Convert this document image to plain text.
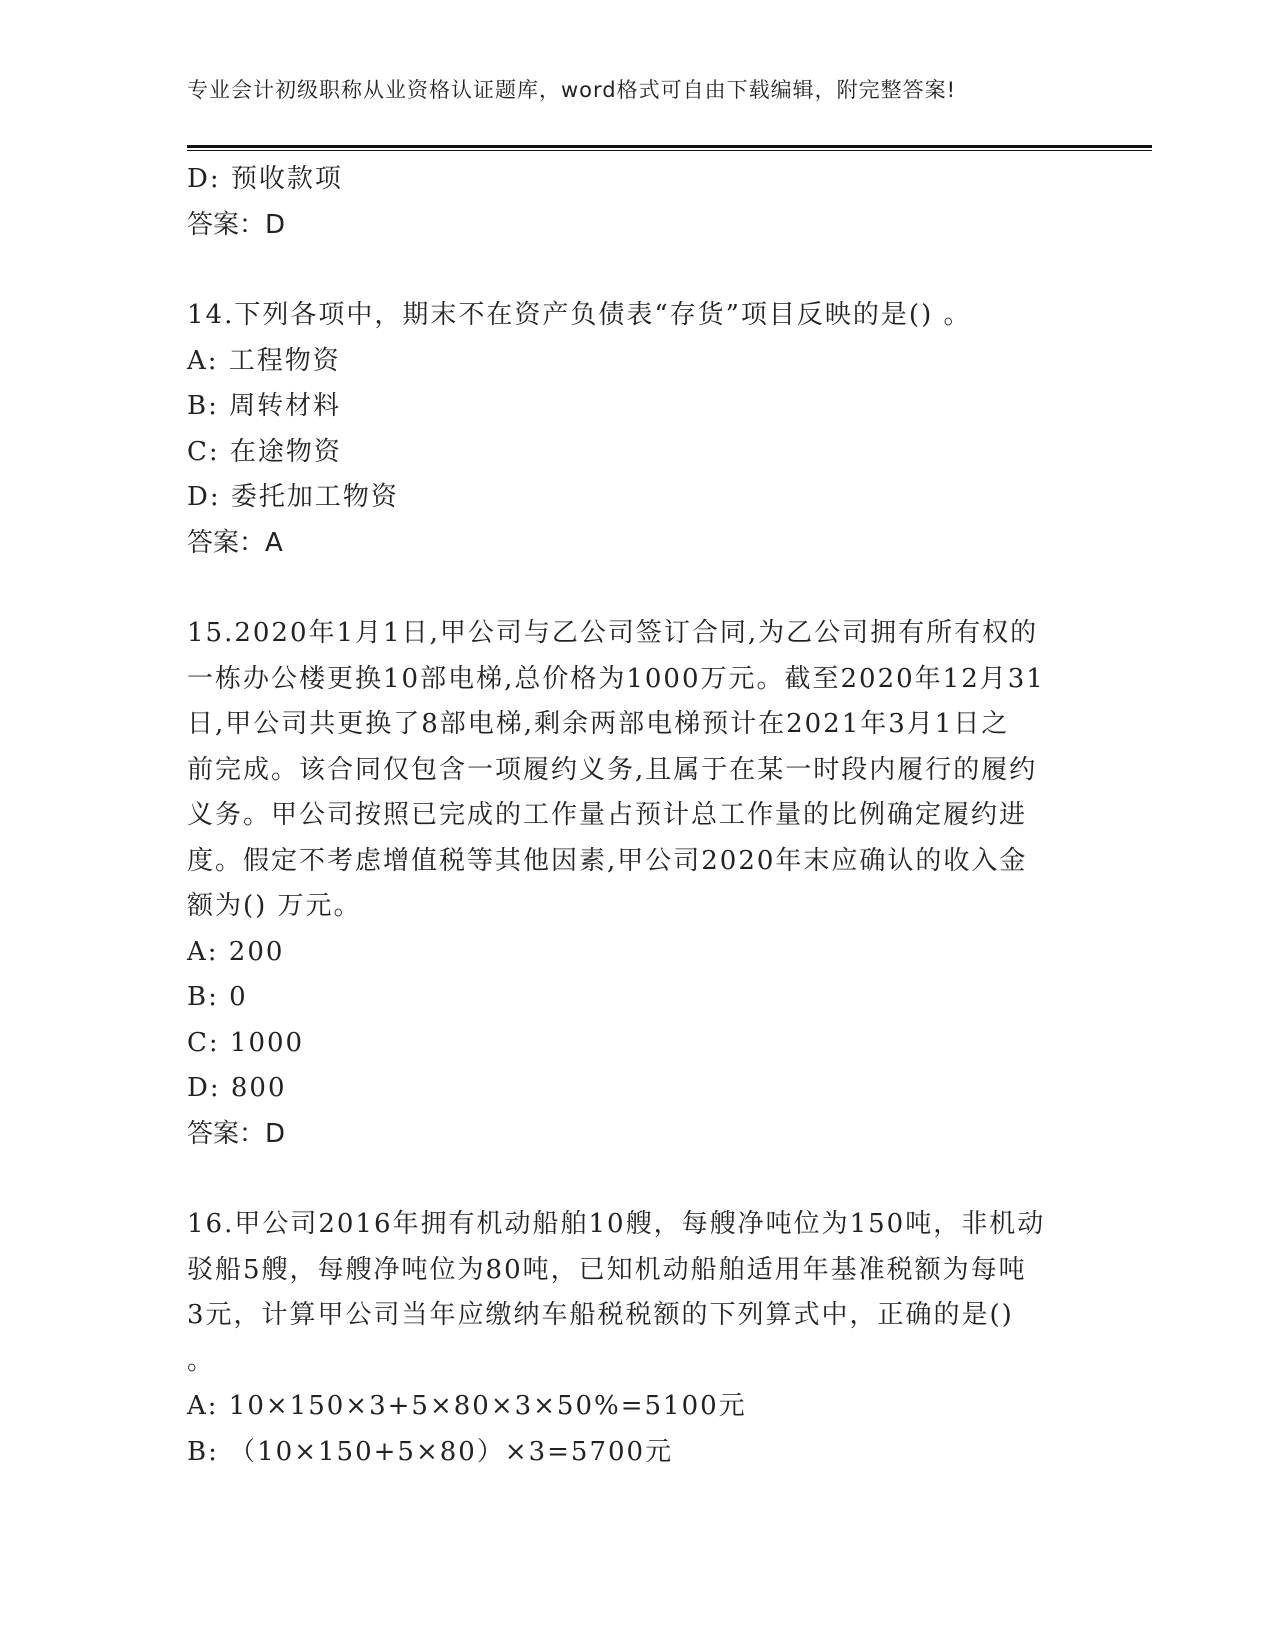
专业会计初级职称从业资格认证题库，word格式可自由下载编辑，附完整答案!
D: 预收款项
答案：D
14.下列各项中，期末不在资产负债表“存货”项目反映的是() 。
A: 工程物资
B: 周转材料
C: 在途物资
D: 委托加工物资
答案：A
15.2020年1月1日,甲公司与乙公司签订合同,为乙公司拥有所有权的
一栋办公楼更换10部电梯,总价格为1000万元。截至2020年12月31
日,甲公司共更换了8部电梯,剩余两部电梯预计在2021年3月1日之
前完成。该合同仅包含一项履约义务,且属于在某一时段内履行的履约
义务。甲公司按照已完成的工作量占预计总工作量的比例确定履约进
度。假定不考虑增值税等其他因素,甲公司2020年末应确认的收入金
额为() 万元。
A: 200
B: 0
C: 1000
D: 800
答案：D
16.甲公司2016年拥有机动船舶10艘，每艘净吨位为150吨，非机动
驳船5艘，每艘净吨位为80吨，已知机动船舶适用年基准税额为每吨
3元，计算甲公司当年应缴纳车船税税额的下列算式中，正确的是()
。
A: 10×150×3+5×80×3×50%=5100元
B: （10×150+5×80）×3=5700元
